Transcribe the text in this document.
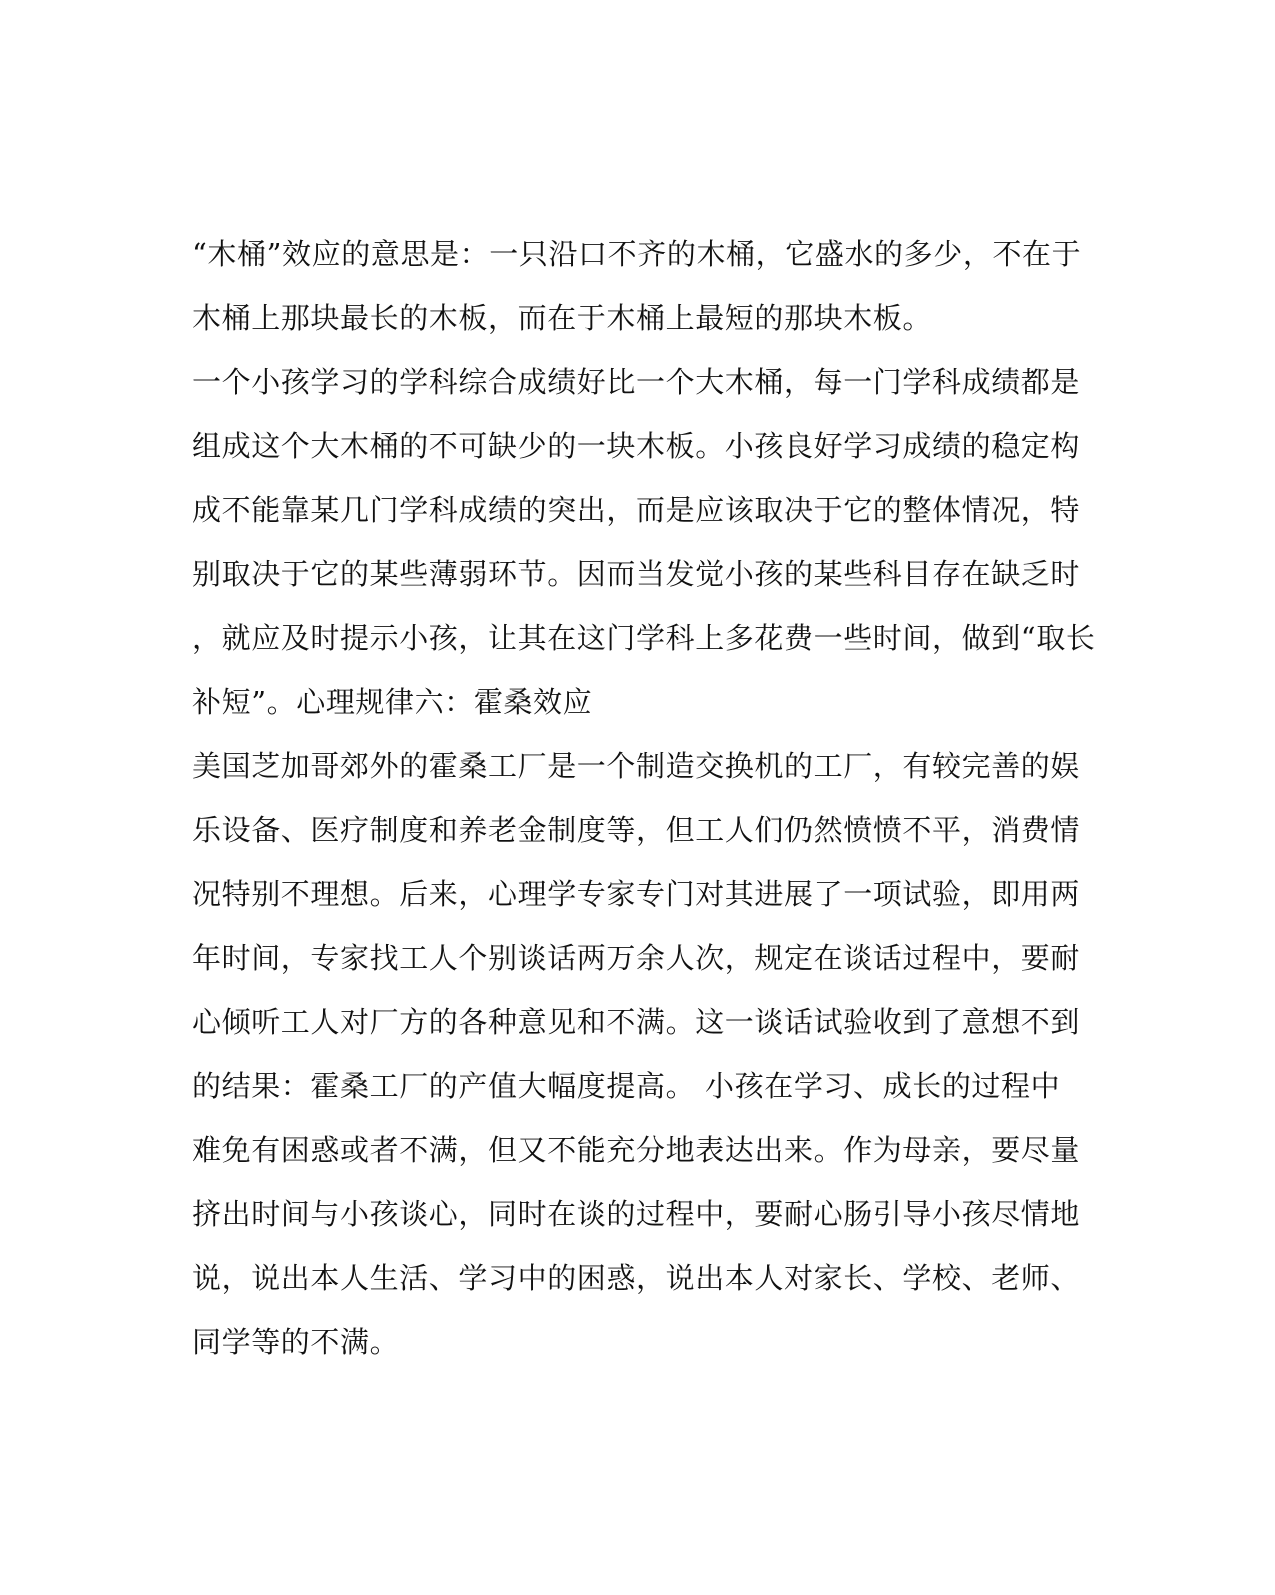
“木桶”效应的意思是：一只沿口不齐的木桶，它盛水的多少，不在于
木桶上那块最长的木板，而在于木桶上最短的那块木板。
一个小孩学习的学科综合成绩好比一个大木桶，每一门学科成绩都是
组成这个大木桶的不可缺少的一块木板。小孩良好学习成绩的稳定构
成不能靠某几门学科成绩的突出，而是应该取决于它的整体情况，特
别取决于它的某些薄弱环节。因而当发觉小孩的某些科目存在缺乏时
，就应及时提示小孩，让其在这门学科上多花费一些时间，做到“取长
补短”。心理规律六：霍桑效应
美国芝加哥郊外的霍桑工厂是一个制造交换机的工厂，有较完善的娱
乐设备、医疗制度和养老金制度等，但工人们仍然愤愤不平，消费情
况特别不理想。后来，心理学专家专门对其进展了一项试验，即用两
年时间，专家找工人个别谈话两万余人次，规定在谈话过程中，要耐
心倾听工人对厂方的各种意见和不满。这一谈话试验收到了意想不到
的结果：霍桑工厂的产值大幅度提高。 小孩在学习、成长的过程中
难免有困惑或者不满，但又不能充分地表达出来。作为母亲，要尽量
挤出时间与小孩谈心，同时在谈的过程中，要耐心肠引导小孩尽情地
说，说出本人生活、学习中的困惑，说出本人对家长、学校、老师、
同学等的不满。
